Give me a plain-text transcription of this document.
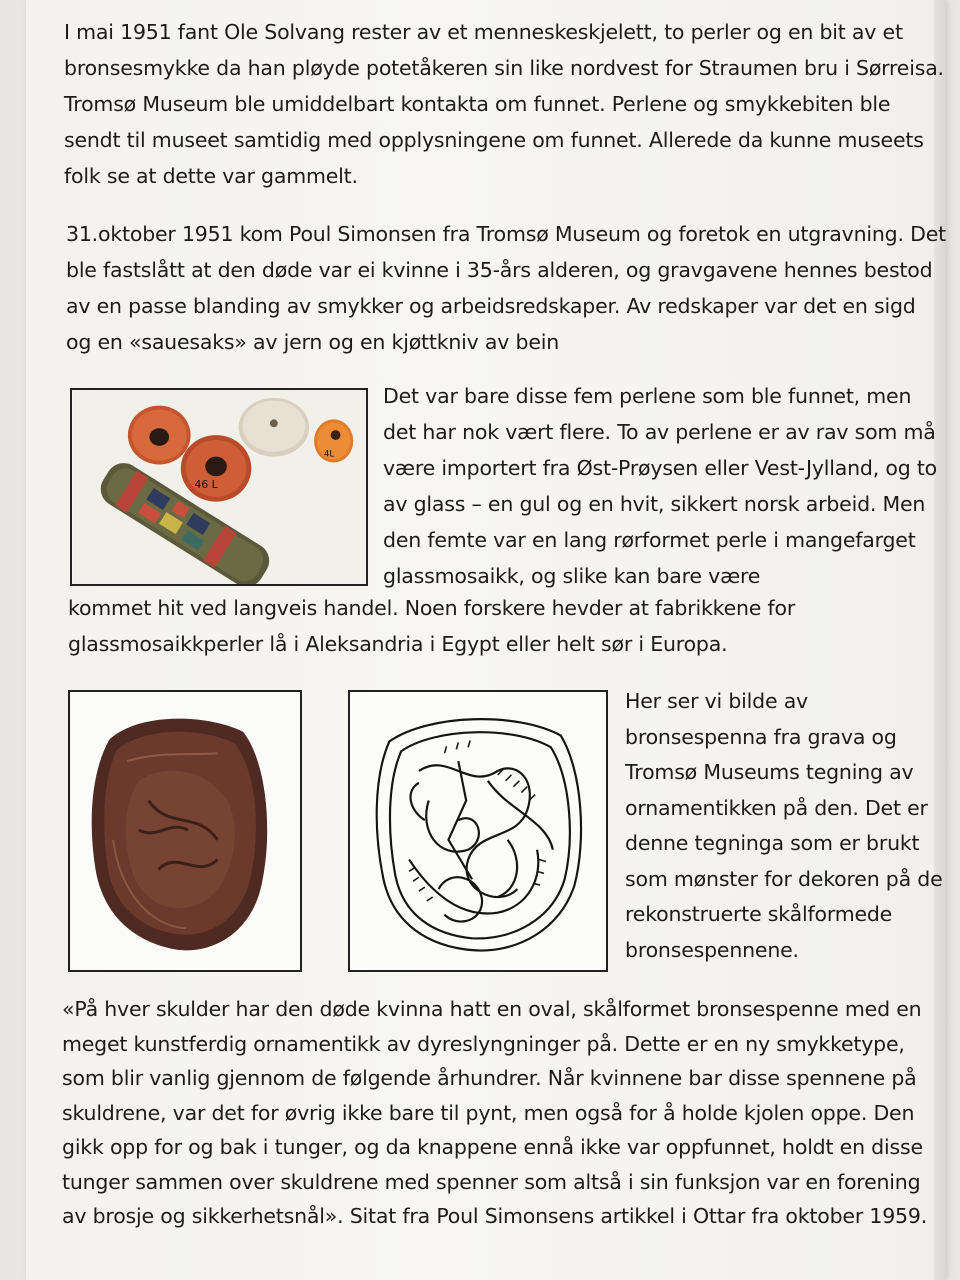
I mai 1951 fant Ole Solvang rester av et menneskeskjelett, to perler og en bit av et bronsesmykke da han pløyde potetåkeren sin like nordvest for Straumen bru i Sørreisa. Tromsø Museum ble umiddelbart kontakta om funnet. Perlene og smykkebiten ble sendt til museet samtidig med opplysningene om funnet. Allerede da kunne museets folk se at dette var gammelt.

31.oktober 1951 kom Poul Simonsen fra Tromsø Museum og foretok en utgravning. Det ble fastslått at den døde var ei kvinne i 35-års alderen, og gravgavene hennes bestod av en passe blanding av smykker og arbeidsredskaper. Av redskaper var det en sigd og en «sauesaks» av jern og en kjøttkniv av bein

46 L
4L

Det var bare disse fem perlene som ble funnet, men det har nok vært flere. To av perlene er av rav som må være importert fra Øst-Prøysen eller Vest-Jylland, og to av glass – en gul og en hvit, sikkert norsk arbeid. Men den femte var en lang rørformet perle i mangefarget glassmosaikk, og slike kan bare være

kommet hit ved langveis handel. Noen forskere hevder at fabrikkene for glassmosaikkperler lå i Aleksandria i Egypt eller helt sør i Europa.

Her ser vi bilde av bronsespenna fra grava og Tromsø Museums tegning av ornamentikken på den. Det er denne tegninga som er brukt som mønster for dekoren på de rekonstruerte skålformede bronsespennene.

«På hver skulder har den døde kvinna hatt en oval, skålformet bronsespenne med en meget kunstferdig ornamentikk av dyreslyngninger på. Dette er en ny smykketype, som blir vanlig gjennom de følgende århundrer. Når kvinnene bar disse spennene på skuldrene, var det for øvrig ikke bare til pynt, men også for å holde kjolen oppe. Den gikk opp for og bak i tunger, og da knappene ennå ikke var oppfunnet, holdt en disse tunger sammen over skuldrene med spenner som altså i sin funksjon var en forening av brosje og sikkerhetsnål». Sitat fra Poul Simonsens artikkel i Ottar fra oktober 1959.
